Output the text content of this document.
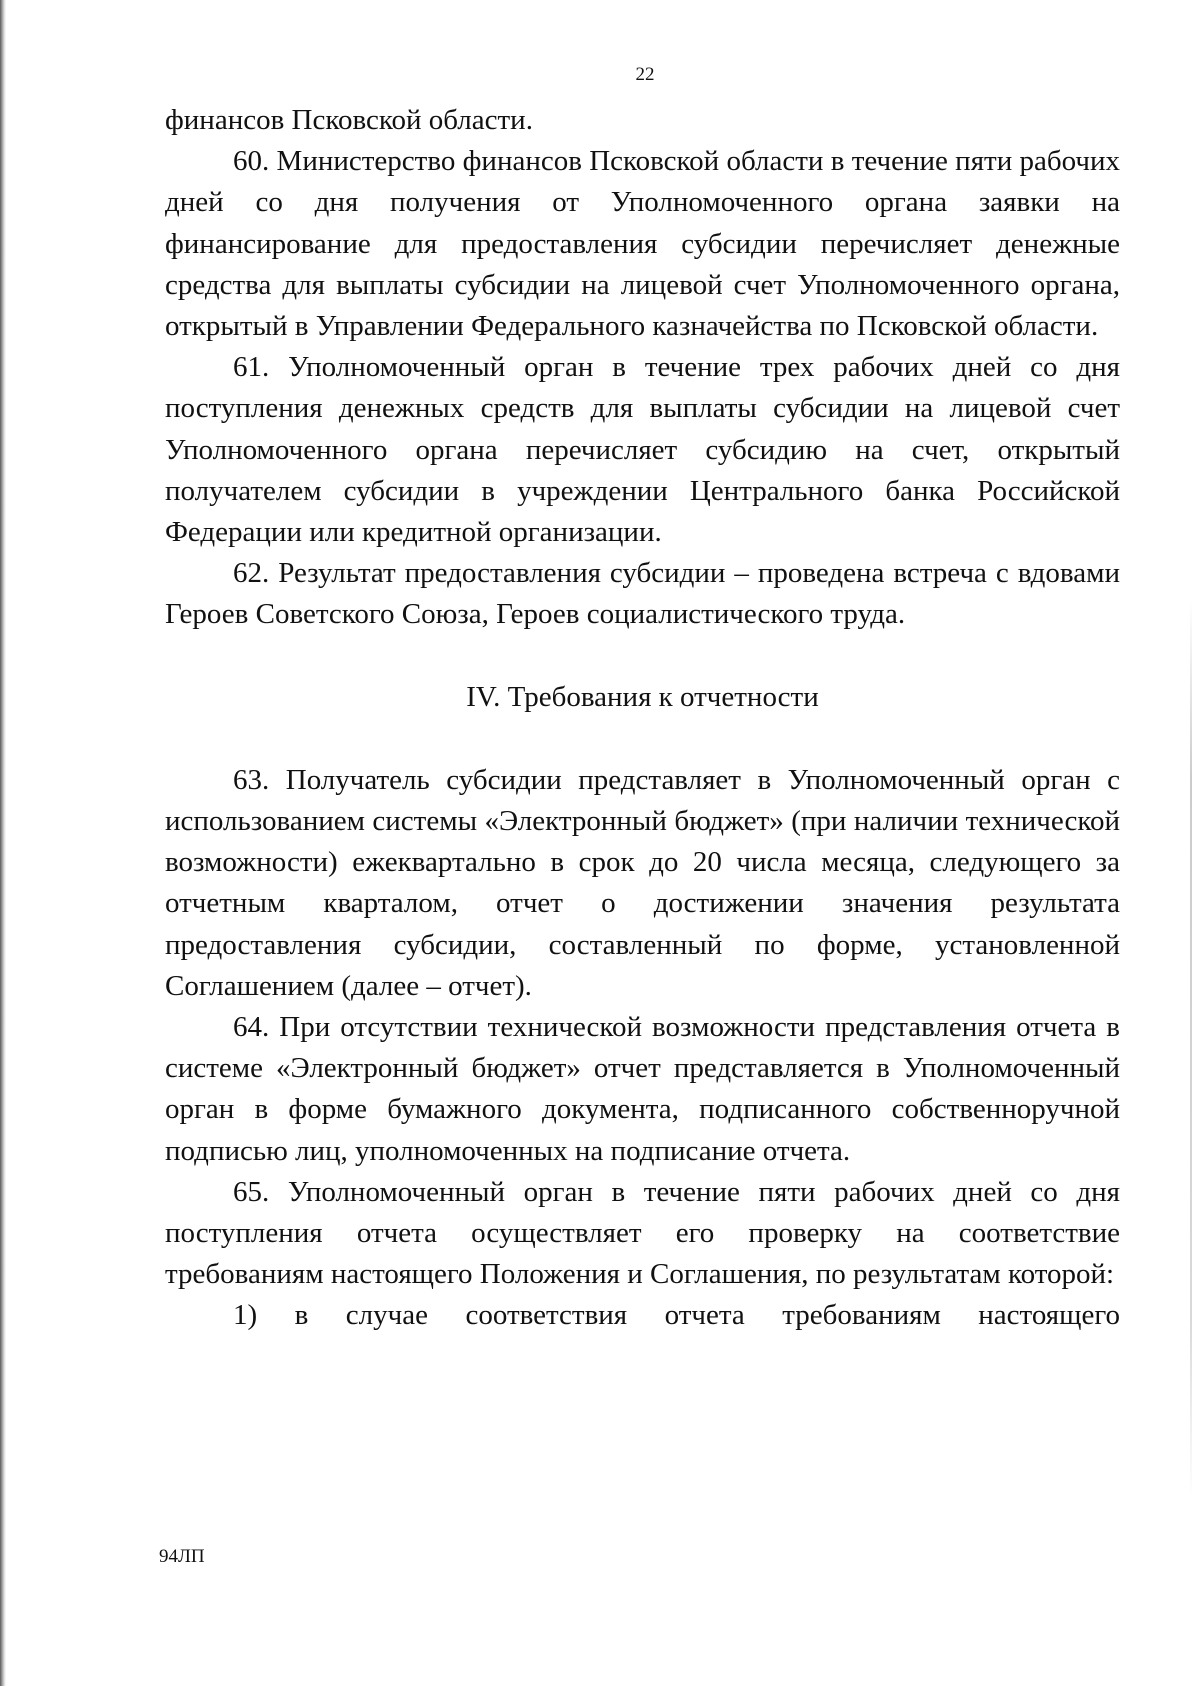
22

финансов Псковской области.

60. Министерство финансов Псковской области в течение пяти рабочих дней со дня получения от Уполномоченного органа заявки на финансирование для предоставления субсидии перечисляет денежные средства для выплаты субсидии на лицевой счет Уполномоченного органа, открытый в Управлении Федерального казначейства по Псковской области.

61. Уполномоченный орган в течение трех рабочих дней со дня поступления денежных средств для выплаты субсидии на лицевой счет Уполномоченного органа перечисляет субсидию на счет, открытый получателем субсидии в учреждении Центрального банка Российской Федерации или кредитной организации.

62. Результат предоставления субсидии – проведена встреча с вдовами Героев Советского Союза, Героев социалистического труда.

IV. Требования к отчетности

63. Получатель субсидии представляет в Уполномоченный орган с использованием системы «Электронный бюджет» (при наличии технической возможности) ежеквартально в срок до 20 числа месяца, следующего за отчетным кварталом, отчет о достижении значения результата предоставления субсидии, составленный по форме, установленной Соглашением (далее – отчет).

64. При отсутствии технической возможности представления отчета в системе «Электронный бюджет» отчет представляется в Уполномоченный орган в форме бумажного документа, подписанного собственноручной подписью лиц, уполномоченных на подписание отчета.

65. Уполномоченный орган в течение пяти рабочих дней со дня поступления отчета осуществляет его проверку на соответствие требованиям настоящего Положения и Соглашения, по результатам которой:

1) в случае соответствия отчета требованиям настоящего

94ЛП
